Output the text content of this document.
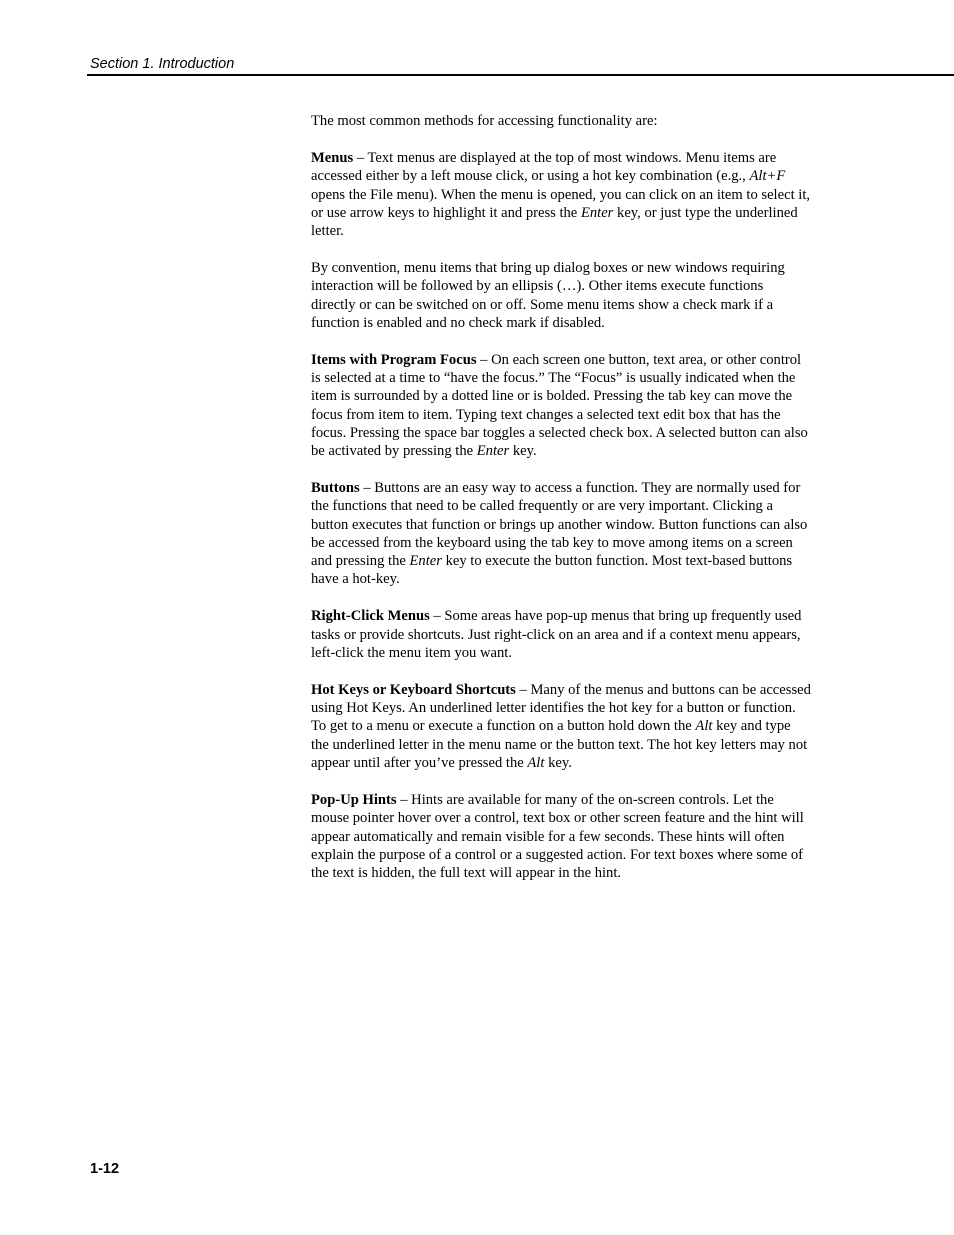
Section 1. Introduction

The most common methods for accessing functionality are:

Menus – Text menus are displayed at the top of most windows. Menu items are accessed either by a left mouse click, or using a hot key combination (e.g., Alt+F opens the File menu). When the menu is opened, you can click on an item to select it, or use arrow keys to highlight it and press the Enter key, or just type the underlined letter.

By convention, menu items that bring up dialog boxes or new windows requiring interaction will be followed by an ellipsis (…). Other items execute functions directly or can be switched on or off. Some menu items show a check mark if a function is enabled and no check mark if disabled.

Items with Program Focus – On each screen one button, text area, or other control is selected at a time to “have the focus.” The “Focus” is usually indicated when the item is surrounded by a dotted line or is bolded. Pressing the tab key can move the focus from item to item. Typing text changes a selected text edit box that has the focus. Pressing the space bar toggles a selected check box. A selected button can also be activated by pressing the Enter key.

Buttons – Buttons are an easy way to access a function. They are normally used for the functions that need to be called frequently or are very important. Clicking a button executes that function or brings up another window. Button functions can also be accessed from the keyboard using the tab key to move among items on a screen and pressing the Enter key to execute the button function. Most text-based buttons have a hot-key.

Right-Click Menus – Some areas have pop-up menus that bring up frequently used tasks or provide shortcuts. Just right-click on an area and if a context menu appears, left-click the menu item you want.

Hot Keys or Keyboard Shortcuts – Many of the menus and buttons can be accessed using Hot Keys. An underlined letter identifies the hot key for a button or function. To get to a menu or execute a function on a button hold down the Alt key and type the underlined letter in the menu name or the button text. The hot key letters may not appear until after you’ve pressed the Alt key.

Pop-Up Hints – Hints are available for many of the on-screen controls. Let the mouse pointer hover over a control, text box or other screen feature and the hint will appear automatically and remain visible for a few seconds. These hints will often explain the purpose of a control or a suggested action. For text boxes where some of the text is hidden, the full text will appear in the hint.

1-12
